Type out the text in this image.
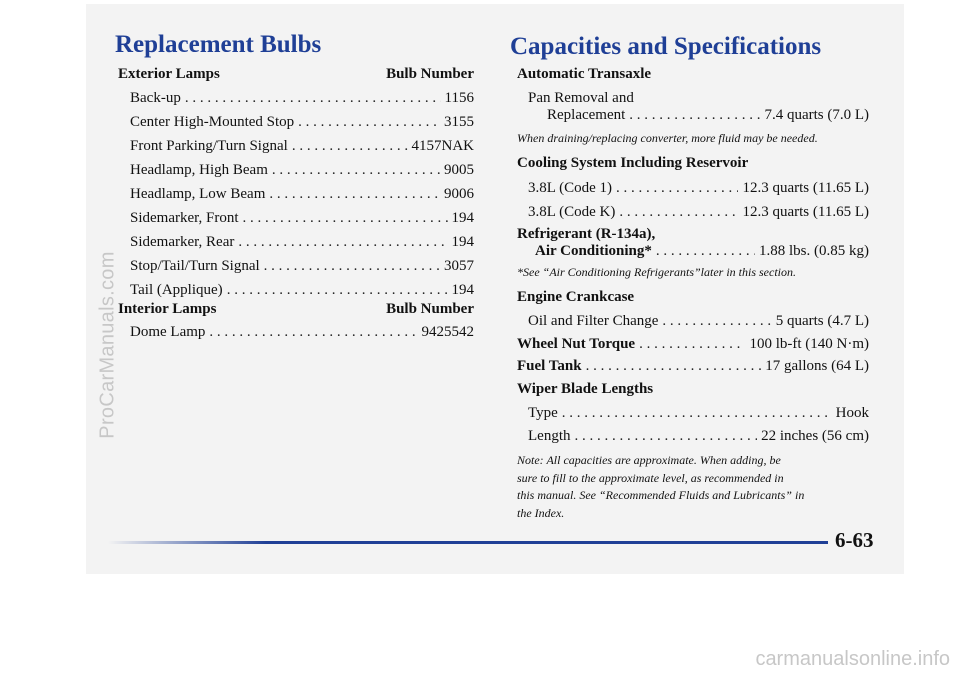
Replacement Bulbs	Capacities and Specifications
Exterior Lamps	Bulb Number
Back-up . . .	1156
Center High-Mounted Stop . . .	3155
Front Parking/Turn Signal . . .	4157NAK
Headlamp, High Beam . . .	9005
Headlamp, Low Beam . . .	9006
Sidemarker, Front . . .	194
Sidemarker, Rear . . .	194
Stop/Tail/Turn Signal . . .	3057
Tail (Applique) . . .	194
Interior Lamps	Bulb Number
Dome Lamp . . .	9425542

Automatic Transaxle

Pan Removal and

Replacement . . .	7.4 quarts (7.0 L)

When draining/replacing converter, more fluid may be needed.

Cooling System Including Reservoir

3.8L (Code 1) . . .	12.3 quarts (11.65 L)
3.8L (Code K) . . .	12.3 quarts (11.65 L)

Refrigerant (R-134a),

Air Conditioning* . . .	1.88 lbs. (0.85 kg)

*See “Air Conditioning Refrigerants”later in this section.

Engine Crankcase

Oil and Filter Change . . .	5 quarts (4.7 L)
Wheel Nut Torque . . .	100 lb-ft (140 N·m)
Fuel Tank . . .	17 gallons (64 L)

Wiper Blade Lengths

Type . . .	Hook
Length . . .	22 inches (56 cm)
Note: All capacities are approximate. When adding, be
sure to fill to the approximate level, as recommended in
this manual. See “Recommended Fluids and Lubricants” in
the Index.

6-63

ProCarManuals.com
carmanualsonline.info
